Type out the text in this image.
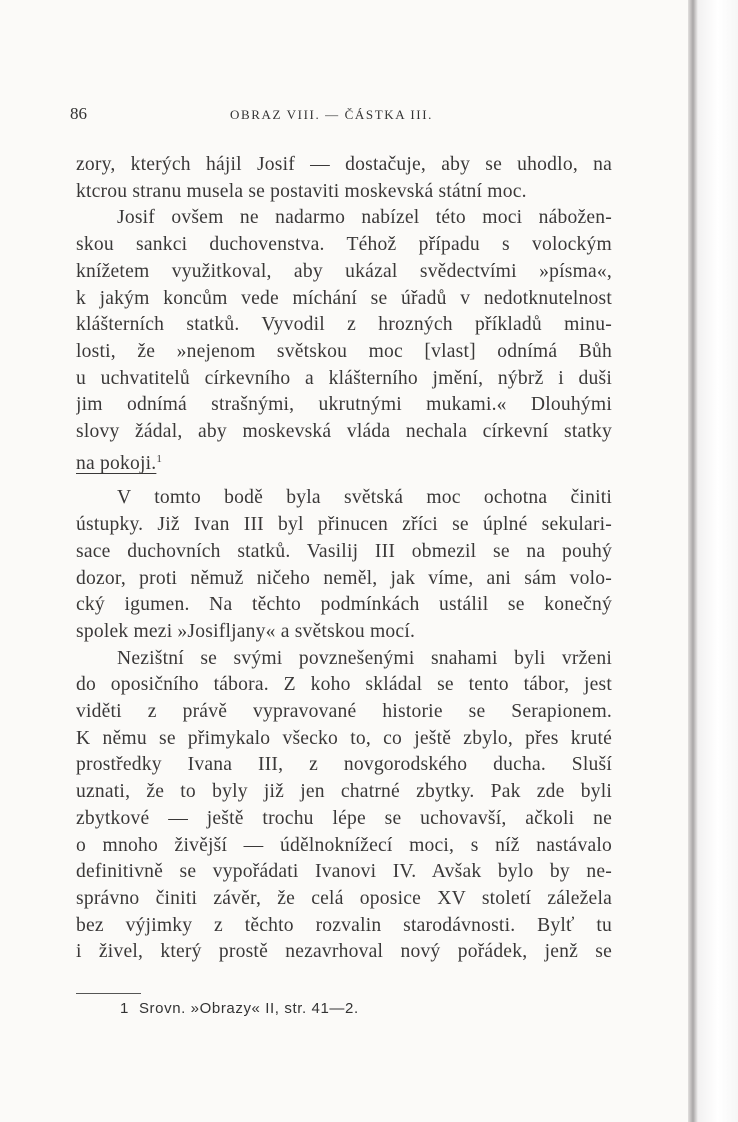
86	OBRAZ VIII. — ČÁSTKA III.

zory, kterých hájil Josif — dostačuje, aby se uhodlo, na

ktcrou stranu musela se postaviti moskevská státní moc.

Josif ovšem ne nadarmo nabízel této moci nábožen-

skou sankci duchovenstva. Téhož případu s volockým

knížetem využitkoval, aby ukázal svědectvími »písma«,

k jakým koncům vede míchání se úřadů v nedotknutelnost

klášterních statků. Vyvodil z hrozných příkladů minu-

losti, že »nejenom světskou moc [vlast] odnímá Bůh

u uchvatitelů církevního a klášterního jmění, nýbrž i duši

jim odnímá strašnými, ukrutnými mukami.« Dlouhými

slovy žádal, aby moskevská vláda nechala církevní statky

na pokoji.$^1$

V tomto bodě byla světská moc ochotna činiti

ústupky. Již Ivan III byl přinucen zříci se úplné sekulari-

sace duchovních statků. Vasilij III obmezil se na pouhý

dozor, proti němuž ničeho neměl, jak víme, ani sám volo-

cký igumen. Na těchto podmínkách ustálil se konečný

spolek mezi »Josifljany« a světskou mocí.

Nezištní se svými povznešenými snahami byli vrženi

do oposičního tábora. Z koho skládal se tento tábor, jest

viděti z právě vypravované historie se Serapionem.

K němu se přimykalo všecko to, co ještě zbylo, přes kruté

prostředky Ivana III, z novgorodského ducha. Sluší

uznati, že to byly již jen chatrné zbytky. Pak zde byli

zbytkové — ještě trochu lépe se uchovavší, ačkoli ne

o mnoho živější — údělnoknížecí moci, s níž nastávalo

definitivně se vypořádati Ivanovi IV. Avšak bylo by ne-

správno činiti závěr, že celá oposice XV století záležela

bez výjimky z těchto rozvalin starodávnosti. Bylť tu

i živel, který prostě nezavrhoval nový pořádek, jenž se

1 Srovn. »Obrazy« II, str. 41—2.
